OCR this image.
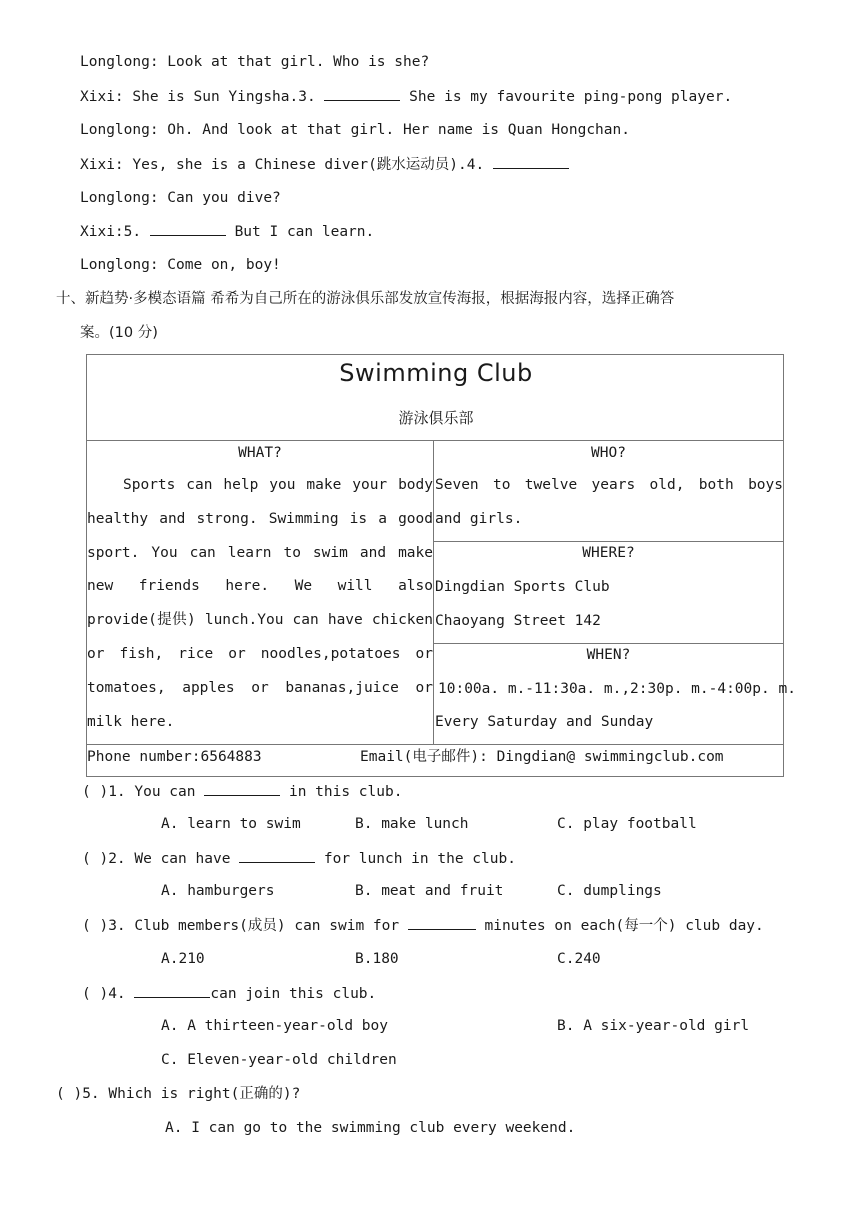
Longlong: Look at that girl. Who is she?
Xixi: She is Sun Yingsha.3.	She is my favourite ping-pong player.
Longlong: Oh. And look at that girl. Her name is Quan Hongchan.
Xixi: Yes, she is a Chinese diver(跳水运动员).4.
Longlong: Can you dive?
Xixi:5.	But I can learn.
Longlong: Come on, boy!
十、新趋势·多模态语篇 希希为自己所在的游泳俱乐部发放宣传海报，根据海报内容，选择正确答
案。(10 分)
Swimming Club
游泳俱乐部
WHAT?
Sports can help you make your body healthy and strong. Swimming is a good sport. You can learn to swim and make new friends here. We will also provide(提供) lunch.You can have chicken or fish, rice or noodles,potatoes or tomatoes, apples or bananas,juice or milk here.
WHO?
Seven to twelve years old, both boys and girls.
WHERE?
Dingdian Sports Club
Chaoyang Street 142
WHEN?
10:00a. m.-11:30a. m.,2:30p. m.-4:00p. m.
Every Saturday and Sunday
Phone number:6564883	Email(电子邮件): Dingdian@ swimmingclub.com
( )1. You can	in this club.
A. learn to swim	B. make lunch	C. play football
( )2. We can have	for lunch in the club.
A. hamburgers	B. meat and fruit	C. dumplings
( )3. Club members(成员) can swim for	minutes on each(每一个) club day.
A.210	B.180	C.240
( )4.	can join this club.
A. A thirteen-year-old boy	B. A six-year-old girl
C. Eleven-year-old children
( )5. Which is right(正确的)?
A. I can go to the swimming club every weekend.
